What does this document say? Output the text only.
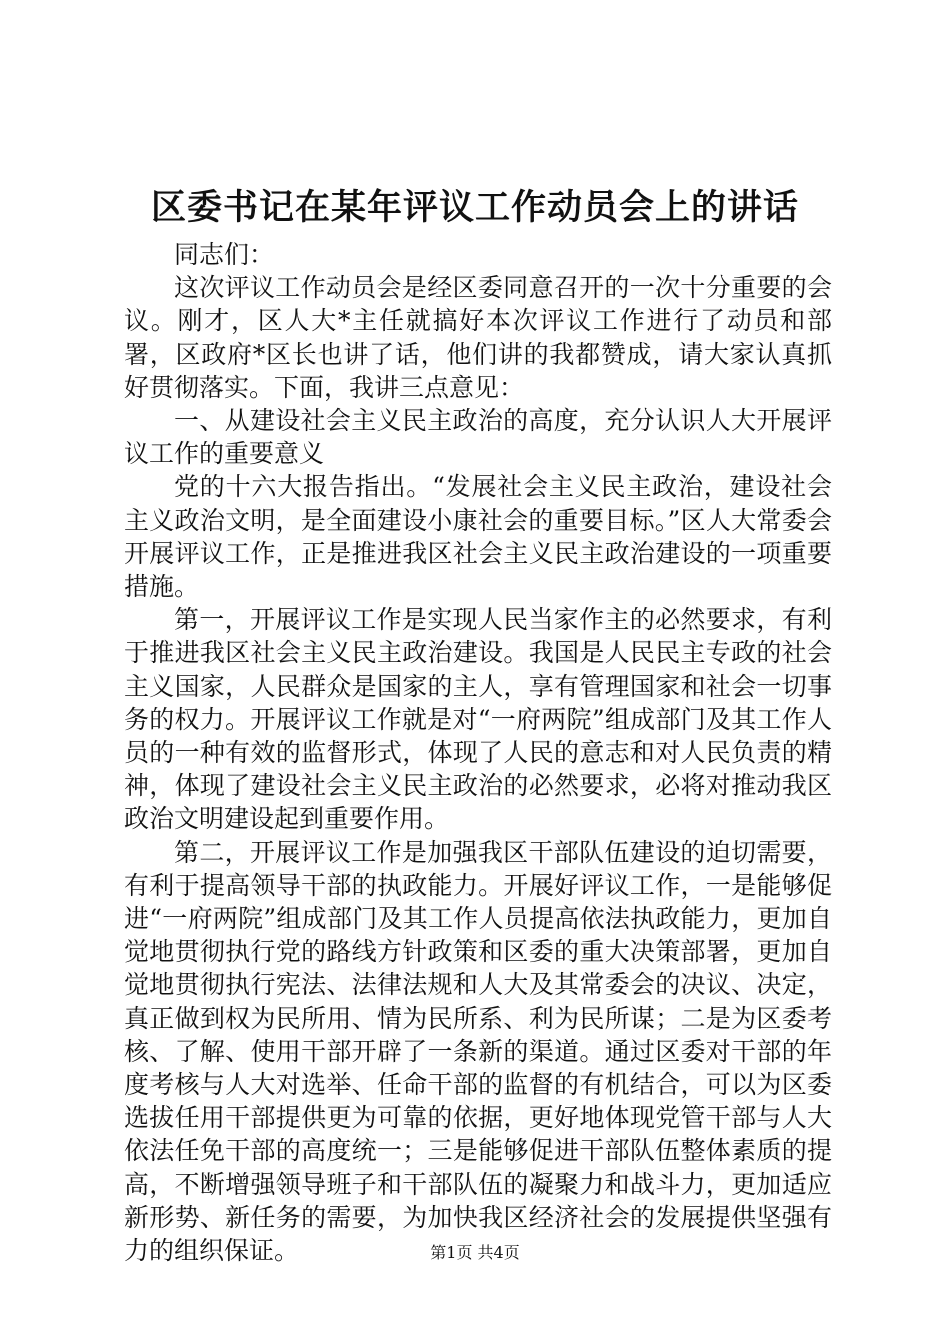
区委书记在某年评议工作动员会上的讲话

同志们：

这次评议工作动员会是经区委同意召开的一次十分重要的会议。刚才，区人大*主任就搞好本次评议工作进行了动员和部署，区政府*区长也讲了话，他们讲的我都赞成，请大家认真抓好贯彻落实。下面，我讲三点意见：

一、从建设社会主义民主政治的高度，充分认识人大开展评议工作的重要意义

党的十六大报告指出。“发展社会主义民主政治，建设社会主义政治文明，是全面建设小康社会的重要目标。”区人大常委会开展评议工作，正是推进我区社会主义民主政治建设的一项重要措施。

第一，开展评议工作是实现人民当家作主的必然要求，有利于推进我区社会主义民主政治建设。我国是人民民主专政的社会主义国家，人民群众是国家的主人，享有管理国家和社会一切事务的权力。开展评议工作就是对“一府两院”组成部门及其工作人员的一种有效的监督形式，体现了人民的意志和对人民负责的精神，体现了建设社会主义民主政治的必然要求，必将对推动我区政治文明建设起到重要作用。

第二，开展评议工作是加强我区干部队伍建设的迫切需要，有利于提高领导干部的执政能力。开展好评议工作，一是能够促进“一府两院”组成部门及其工作人员提高依法执政能力，更加自觉地贯彻执行党的路线方针政策和区委的重大决策部署，更加自觉地贯彻执行宪法、法律法规和人大及其常委会的决议、决定，真正做到权为民所用、情为民所系、利为民所谋；二是为区委考核、了解、使用干部开辟了一条新的渠道。通过区委对干部的年度考核与人大对选举、任命干部的监督的有机结合，可以为区委选拔任用干部提供更为可靠的依据，更好地体现党管干部与人大依法任免干部的高度统一；三是能够促进干部队伍整体素质的提高，不断增强领导班子和干部队伍的凝聚力和战斗力，更加适应新形势、新任务的需要，为加快我区经济社会的发展提供坚强有力的组织保证。	第1页 共4页
